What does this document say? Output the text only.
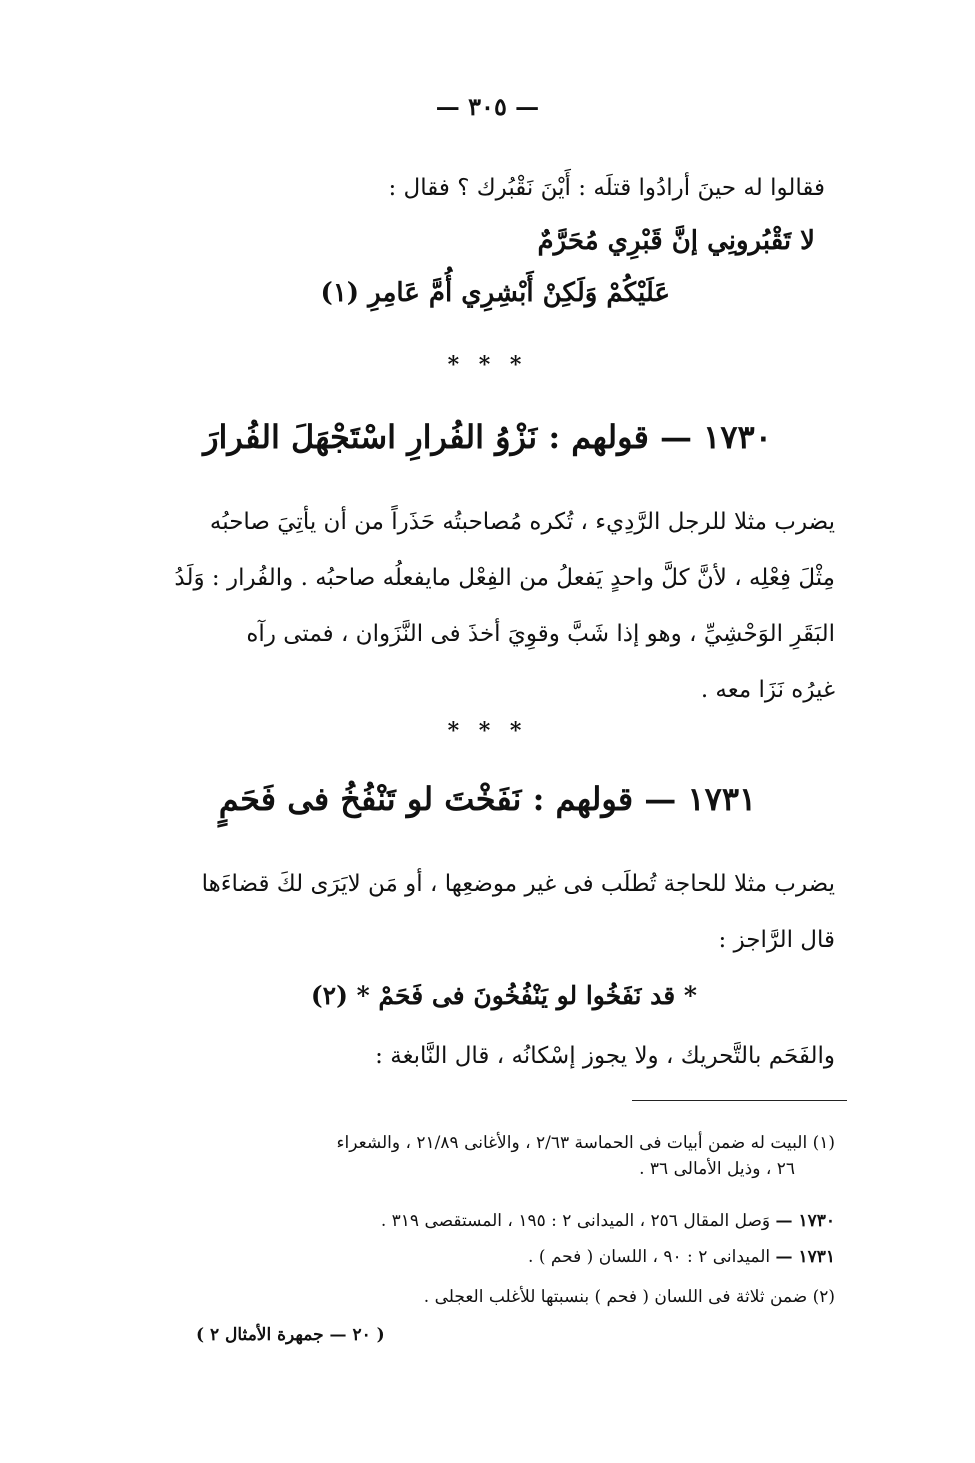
— ٣٠٥ —
فقالوا له حينَ أرادُوا قتلَه : أَيْنَ نَقْبُرك ؟ فقال :
لا تَقْبُرونِي إنَّ قَبْرِي مُحَرَّمٌ
عَلَيْكُمْ وَلَكِنْ أَبْشِرِي أُمَّ عَامِرِ (١)
* * *
١٧٣٠ — قولهم : نَزْوُ الفُرارِ اسْتَجْهَلَ الفُرارَ
يضرب مثلا للرجل الرَّدِيء ، تُكره مُصاحبتُه حَذَراً من أن يأتِيَ صاحبُه
مِثْلَ فِعْلِه ، لأنَّ كلَّ واحدٍ يَفعلُ من الفِعْل مايفعلُه صاحبُه . والفُرار : وَلَدُ
البَقَرِ الوَحْشِيِّ ، وهو إذا شَبَّ وقوِيَ أخذَ فى النَّزَوان ، فمتى رآه
غيرُه نَزَا معه .
* * *
١٧٣١ — قولهم : نَفَخْتَ لو تَنْفُخُ فى فَحَمٍ
يضرب مثلا للحاجة تُطلَب فى غير موضعِها ، أو مَن لايَرَى لكَ قضاءَها
قال الرَّاجز :
* قد نَفَخُوا لو يَنْفُخُونَ فى فَحَمْ * (٢)
والفَحَم بالتَّحريك ، ولا يجوز إسْكانُه ، قال النَّابغة :
(١) البيت له ضمن أبيات فى الحماسة ٢/٦٣ ، والأغانى ٢١/٨٩ ، والشعراء
٢٦ ، وذيل الأمالى ٣٦ .
١٧٣٠ — وَصل المقال ٢٥٦ ، الميدانى ٢ : ١٩٥ ، المستقصى ٣١٩ .
١٧٣١ — الميدانى ٢ : ٩٠ ، اللسان ( فحم ) .
(٢) ضمن ثلاثة فى اللسان ( فحم ) بنسبتها للأغلب العجلى .
( ٢٠ — جمهرة الأمثال ٢ )
